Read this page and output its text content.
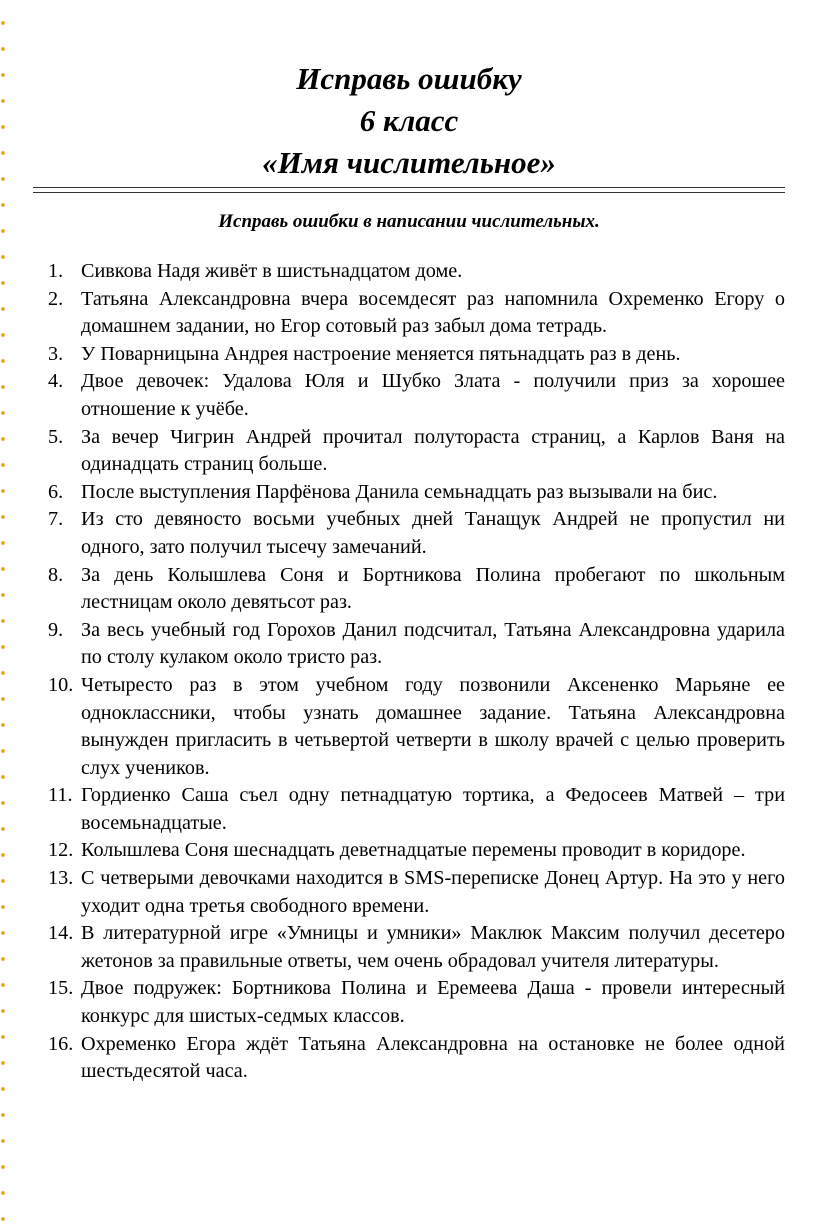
Исправь ошибку
6 класс
«Имя числительное»
Исправь ошибки в написании числительных.
1. Сивкова Надя живёт в шистьнадцатом доме.
2. Татьяна Александровна вчера восемдесят раз напомнила Охременко Егору о домашнем задании, но Егор сотовый раз забыл дома тетрадь.
3. У Поварницына Андрея настроение меняется пятьнадцать раз в день.
4. Двое девочек: Удалова Юля и Шубко Злата - получили приз за хорошее отношение к учёбе.
5. За вечер Чигрин Андрей прочитал полутораста страниц, а Карлов Ваня на одинадцать страниц больше.
6. После выступления Парфёнова Данила семьнадцать раз вызывали на бис.
7. Из сто девяносто восьми учебных дней Танащук Андрей не пропустил ни одного, зато получил тысечу замечаний.
8. За день Колышлева Соня и Бортникова Полина пробегают по школьным лестницам около девятьсот раз.
9. За весь учебный год Горохов Данил подсчитал, Татьяна Александровна ударила по столу кулаком около тристо раз.
10. Четыресто раз в этом учебном году позвонили Аксененко Марьяне ее одноклассники, чтобы узнать домашнее задание. Татьяна Александровна вынужден пригласить в четьвертой четверти в школу врачей с целью проверить слух учеников.
11. Гордиенко Саша съел одну петнадцатую тортика, а Федосеев Матвей – три восемьнадцатые.
12. Колышлева Соня шеснадцать деветнадцатые перемены проводит в коридоре.
13. С четверыми девочками находится в SMS-переписке Донец Артур. На это у него уходит одна третья свободного времени.
14. В литературной игре «Умницы и умники» Маклюк Максим получил десетеро жетонов за правильные ответы, чем очень обрадовал учителя литературы.
15. Двое подружек: Бортникова Полина и Еремеева Даша - провели интересный конкурс для шистых-седмых классов.
16. Охременко Егора ждёт Татьяна Александровна на остановке не более одной шестьдесятой часа.
